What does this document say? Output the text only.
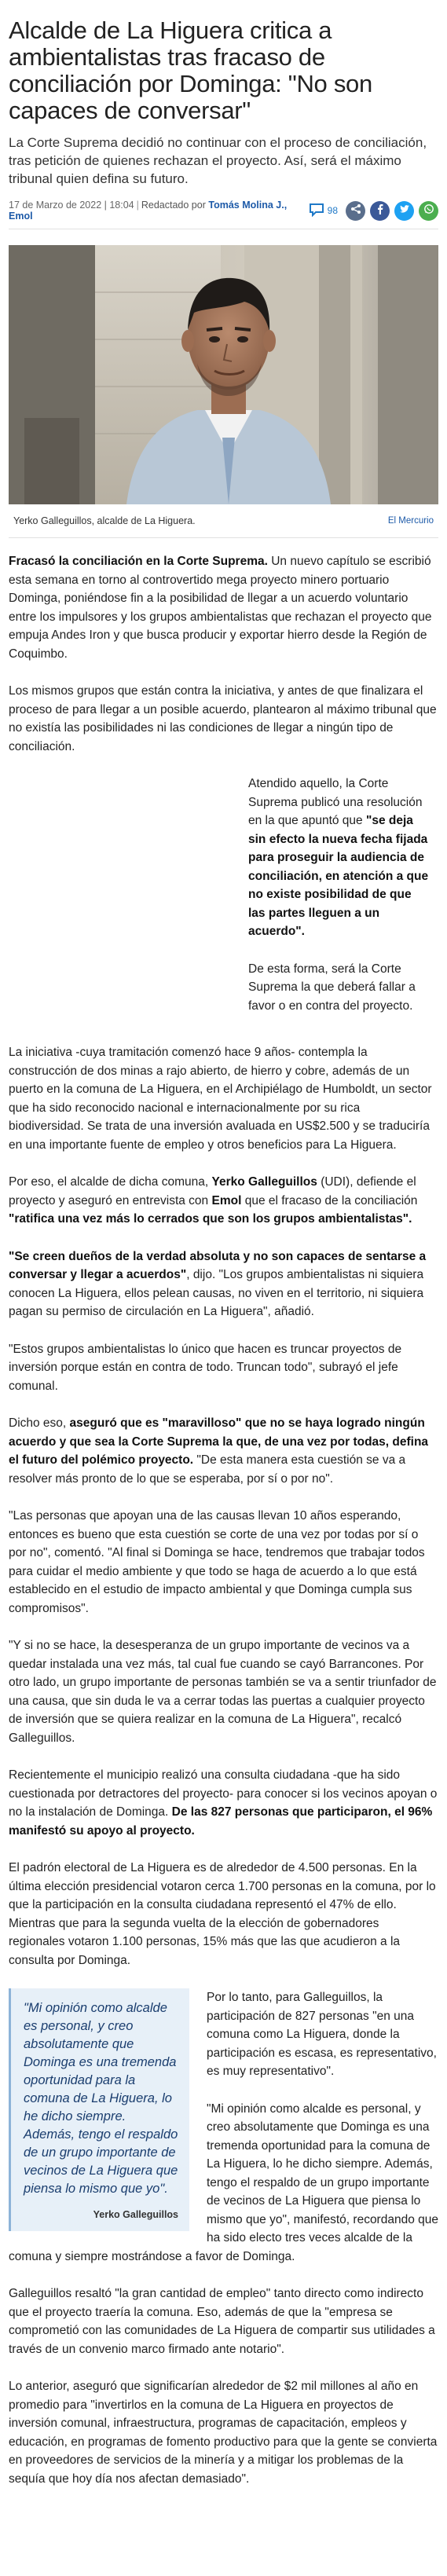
Alcalde de La Higuera critica a ambientalistas tras fracaso de conciliación por Dominga: "No son capaces de conversar"
La Corte Suprema decidió no continuar con el proceso de conciliación, tras petición de quienes rechazan el proyecto. Así, será el máximo tribunal quien defina su futuro.
17 de Marzo de 2022 | 18:04 | Redactado por Tomás Molina J., Emol	98
Yerko Galleguillos, alcalde de La Higuera.	El Mercurio

Fracasó la conciliación en la Corte Suprema. Un nuevo capítulo se escribió esta semana en torno al controvertido mega proyecto minero portuario Dominga, poniéndose fin a la posibilidad de llegar a un acuerdo voluntario entre los impulsores y los grupos ambientalistas que rechazan el proyecto que empuja Andes Iron y que busca producir y exportar hierro desde la Región de Coquimbo.

Los mismos grupos que están contra la iniciativa, y antes de que finalizara el proceso de para llegar a un posible acuerdo, plantearon al máximo tribunal que no existía las posibilidades ni las condiciones de llegar a ningún tipo de conciliación.

Atendido aquello, la Corte Suprema publicó una resolución en la que apuntó que "se deja sin efecto la nueva fecha fijada para proseguir la audiencia de conciliación, en atención a que no existe posibilidad de que las partes lleguen a un acuerdo".

De esta forma, será la Corte Suprema la que deberá fallar a favor o en contra del proyecto.

La iniciativa -cuya tramitación comenzó hace 9 años- contempla la construcción de dos minas a rajo abierto, de hierro y cobre, además de un puerto en la comuna de La Higuera, en el Archipiélago de Humboldt, un sector que ha sido reconocido nacional e internacionalmente por su rica biodiversidad. Se trata de una inversión avaluada en US$2.500 y se traduciría en una importante fuente de empleo y otros beneficios para La Higuera.

Por eso, el alcalde de dicha comuna, Yerko Galleguillos (UDI), defiende el proyecto y aseguró en entrevista con Emol que el fracaso de la conciliación "ratifica una vez más lo cerrados que son los grupos ambientalistas".

"Se creen dueños de la verdad absoluta y no son capaces de sentarse a conversar y llegar a acuerdos", dijo. "Los grupos ambientalistas ni siquiera conocen La Higuera, ellos pelean causas, no viven en el territorio, ni siquiera pagan su permiso de circulación en La Higuera", añadió.

"Estos grupos ambientalistas lo único que hacen es truncar proyectos de inversión porque están en contra de todo. Truncan todo", subrayó el jefe comunal.

Dicho eso, aseguró que es "maravilloso" que no se haya logrado ningún acuerdo y que sea la Corte Suprema la que, de una vez por todas, defina el futuro del polémico proyecto. "De esta manera esta cuestión se va a resolver más pronto de lo que se esperaba, por sí o por no".

"Las personas que apoyan una de las causas llevan 10 años esperando, entonces es bueno que esta cuestión se corte de una vez por todas por sí o por no", comentó. "Al final si Dominga se hace, tendremos que trabajar todos para cuidar el medio ambiente y que todo se haga de acuerdo a lo que está establecido en el estudio de impacto ambiental y que Dominga cumpla sus compromisos".

"Y si no se hace, la desesperanza de un grupo importante de vecinos va a quedar instalada una vez más, tal cual fue cuando se cayó Barrancones. Por otro lado, un grupo importante de personas también se va a sentir triunfador de una causa, que sin duda le va a cerrar todas las puertas a cualquier proyecto de inversión que se quiera realizar en la comuna de La Higuera", recalcó Galleguillos.

Recientemente el municipio realizó una consulta ciudadana -que ha sido cuestionada por detractores del proyecto- para conocer si los vecinos apoyan o no la instalación de Dominga. De las 827 personas que participaron, el 96% manifestó su apoyo al proyecto.

El padrón electoral de La Higuera es de alrededor de 4.500 personas. En la última elección presidencial votaron cerca 1.700 personas en la comuna, por lo que la participación en la consulta ciudadana representó el 47% de ello. Mientras que para la segunda vuelta de la elección de gobernadores regionales votaron 1.100 personas, 15% más que las que acudieron a la consulta por Dominga.

"Mi opinión como alcalde es personal, y creo absolutamente que Dominga es una tremenda oportunidad para la comuna de La Higuera, lo he dicho siempre. Además, tengo el respaldo de un grupo importante de vecinos de La Higuera que piensa lo mismo que yo".
Yerko Galleguillos

Por lo tanto, para Galleguillos, la participación de 827 personas "en una comuna como La Higuera, donde la participación es escasa, es representativo, es muy representativo".

"Mi opinión como alcalde es personal, y creo absolutamente que Dominga es una tremenda oportunidad para la comuna de La Higuera, lo he dicho siempre. Además, tengo el respaldo de un grupo importante de vecinos de La Higuera que piensa lo mismo que yo", manifestó, recordando que ha sido electo tres veces alcalde de la comuna y siempre mostrándose a favor de Dominga.

Galleguillos resaltó "la gran cantidad de empleo" tanto directo como indirecto que el proyecto traería la comuna. Eso, además de que la "empresa se comprometió con las comunidades de La Higuera de compartir sus utilidades a través de un convenio marco firmado ante notario".

Lo anterior, aseguró que significarían alrededor de $2 mil millones al año en promedio para "invertirlos en la comuna de La Higuera en proyectos de inversión comunal, infraestructura, programas de capacitación, empleos y educación, en programas de fomento productivo para que la gente se convierta en proveedores de servicios de la minería y a mitigar los problemas de la sequía que hoy día nos afectan demasiado".
